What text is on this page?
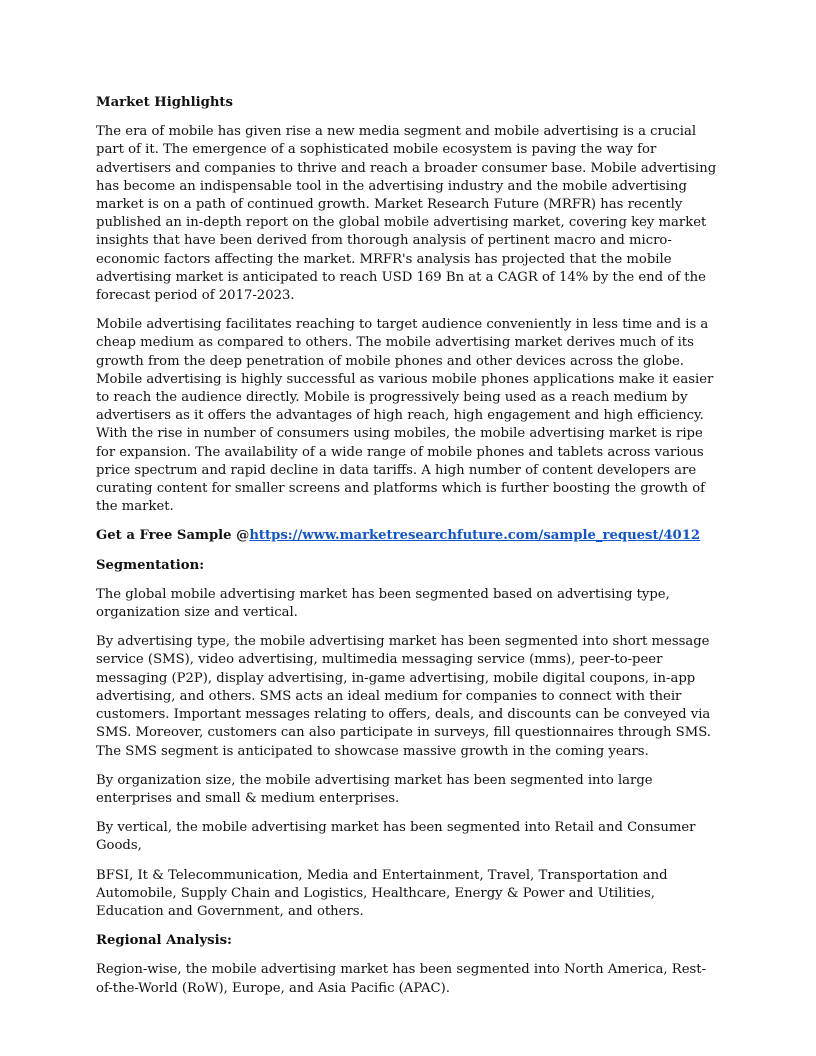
Market Highlights

The era of mobile has given rise a new media segment and mobile advertising is a crucial part of it. The emergence of a sophisticated mobile ecosystem is paving the way for advertisers and companies to thrive and reach a broader consumer base. Mobile advertising has become an indispensable tool in the advertising industry and the mobile advertising market is on a path of continued growth. Market Research Future (MRFR) has recently published an in-depth report on the global mobile advertising market, covering key market insights that have been derived from thorough analysis of pertinent macro and micro-economic factors affecting the market. MRFR's analysis has projected that the mobile advertising market is anticipated to reach USD 169 Bn at a CAGR of 14% by the end of the forecast period of 2017-2023.

Mobile advertising facilitates reaching to target audience conveniently in less time and is a cheap medium as compared to others. The mobile advertising market derives much of its growth from the deep penetration of mobile phones and other devices across the globe. Mobile advertising is highly successful as various mobile phones applications make it easier to reach the audience directly. Mobile is progressively being used as a reach medium by advertisers as it offers the advantages of high reach, high engagement and high efficiency. With the rise in number of consumers using mobiles, the mobile advertising market is ripe for expansion. The availability of a wide range of mobile phones and tablets across various price spectrum and rapid decline in data tariffs. A high number of content developers are curating content for smaller screens and platforms which is further boosting the growth of the market.

Get a Free Sample @https://www.marketresearchfuture.com/sample_request/4012

Segmentation:

The global mobile advertising market has been segmented based on advertising type, organization size and vertical.

By advertising type, the mobile advertising market has been segmented into short message service (SMS), video advertising, multimedia messaging service (mms), peer-to-peer messaging (P2P), display advertising, in-game advertising, mobile digital coupons, in-app advertising, and others. SMS acts an ideal medium for companies to connect with their customers. Important messages relating to offers, deals, and discounts can be conveyed via SMS. Moreover, customers can also participate in surveys, fill questionnaires through SMS. The SMS segment is anticipated to showcase massive growth in the coming years.

By organization size, the mobile advertising market has been segmented into large enterprises and small & medium enterprises.

By vertical, the mobile advertising market has been segmented into Retail and Consumer Goods,

BFSI, It & Telecommunication, Media and Entertainment, Travel, Transportation and Automobile, Supply Chain and Logistics, Healthcare, Energy & Power and Utilities, Education and Government, and others.

Regional Analysis:

Region-wise, the mobile advertising market has been segmented into North America, Rest-of-the-World (RoW), Europe, and Asia Pacific (APAC).
